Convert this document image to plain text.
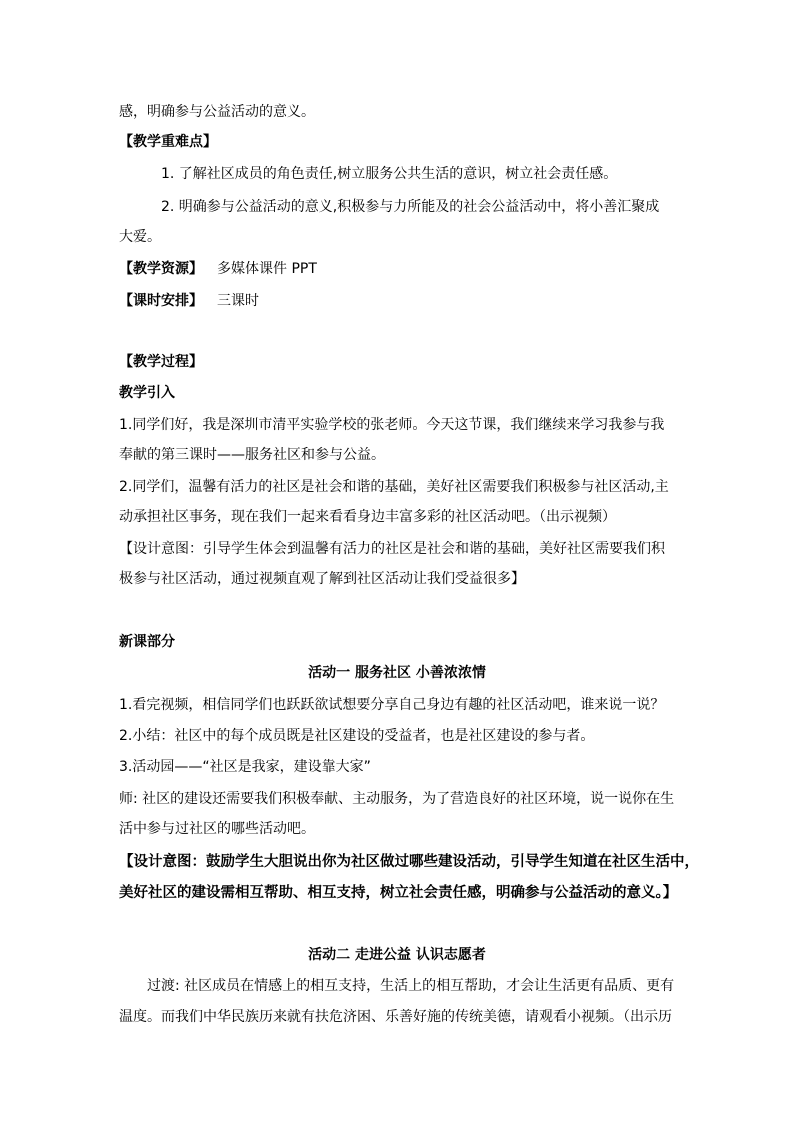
感，明确参与公益活动的意义。
【教学重难点】
1. 了解社区成员的角色责任,树立服务公共生活的意识，树立社会责任感。
2. 明确参与公益活动的意义,积极参与力所能及的社会公益活动中，将小善汇聚成
大爱。
【教学资源】 多媒体课件 PPT
【课时安排】 三课时
【教学过程】
教学引入
1.同学们好，我是深圳市清平实验学校的张老师。今天这节课，我们继续来学习我参与我
奉献的第三课时——服务社区和参与公益。
2.同学们，温馨有活力的社区是社会和谐的基础，美好社区需要我们积极参与社区活动,主
动承担社区事务，现在我们一起来看看身边丰富多彩的社区活动吧。（出示视频）
【设计意图：引导学生体会到温馨有活力的社区是社会和谐的基础，美好社区需要我们积
极参与社区活动，通过视频直观了解到社区活动让我们受益很多】
新课部分
活动一 服务社区 小善浓浓情
1.看完视频，相信同学们也跃跃欲试想要分享自己身边有趣的社区活动吧，谁来说一说？
2.小结：社区中的每个成员既是社区建设的受益者，也是社区建设的参与者。
3.活动园——“社区是我家，建设靠大家”
师: 社区的建设还需要我们积极奉献、主动服务，为了营造良好的社区环境，说一说你在生
活中参与过社区的哪些活动吧。
【设计意图：鼓励学生大胆说出你为社区做过哪些建设活动，引导学生知道在社区生活中，
美好社区的建设需相互帮助、相互支持，树立社会责任感，明确参与公益活动的意义。】
活动二 走进公益 认识志愿者
过渡: 社区成员在情感上的相互支持，生活上的相互帮助，才会让生活更有品质、更有
温度。而我们中华民族历来就有扶危济困、乐善好施的传统美德，请观看小视频。（出示历
